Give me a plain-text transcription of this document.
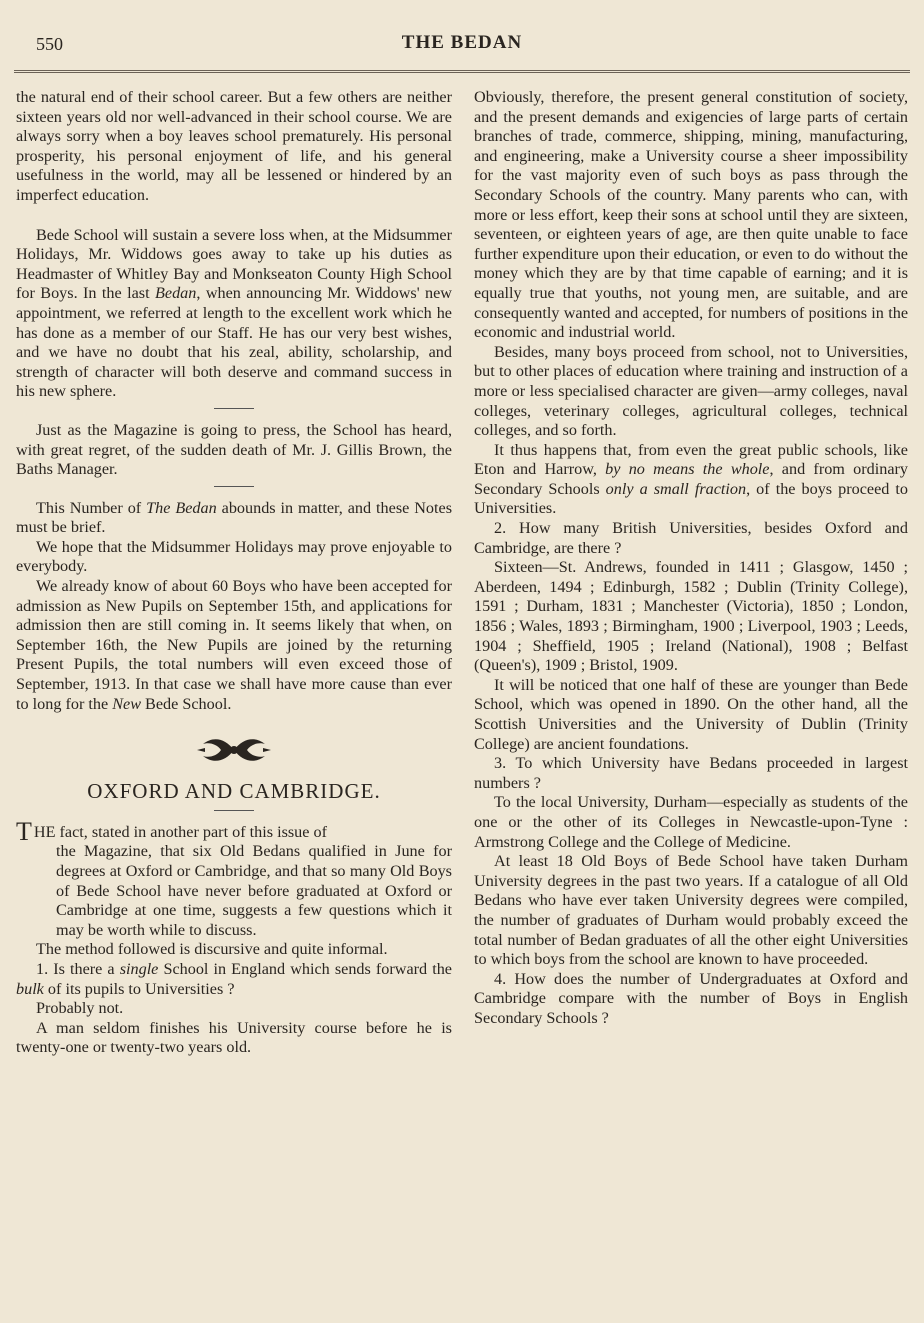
550	THE BEDAN

the natural end of their school career. But a few others are neither sixteen years old nor well-advanced in their school course. We are always sorry when a boy leaves school prematurely. His personal prosperity, his personal enjoyment of life, and his general usefulness in the world, may all be lessened or hindered by an imperfect education.

Bede School will sustain a severe loss when, at the Midsummer Holidays, Mr. Widdows goes away to take up his duties as Headmaster of Whitley Bay and Monkseaton County High School for Boys. In the last Bedan, when announcing Mr. Widdows' new appointment, we referred at length to the excellent work which he has done as a member of our Staff. He has our very best wishes, and we have no doubt that his zeal, ability, scholarship, and strength of character will both deserve and command success in his new sphere.

Just as the Magazine is going to press, the School has heard, with great regret, of the sudden death of Mr. J. Gillis Brown, the Baths Manager.

This Number of The Bedan abounds in matter, and these Notes must be brief.

We hope that the Midsummer Holidays may prove enjoyable to everybody.

We already know of about 60 Boys who have been accepted for admission as New Pupils on September 15th, and applications for admission then are still coming in. It seems likely that when, on September 16th, the New Pupils are joined by the returning Present Pupils, the total numbers will even exceed those of September, 1913. In that case we shall have more cause than ever to long for the New Bede School.

OXFORD AND CAMBRIDGE.

THE fact, stated in another part of this issue of

the Magazine, that six Old Bedans qualified in June for degrees at Oxford or Cambridge, and that so many Old Boys of Bede School have never before graduated at Oxford or Cambridge at one time, suggests a few questions which it may be worth while to discuss.

The method followed is discursive and quite informal.

1. Is there a single School in England which sends forward the bulk of its pupils to Universities ?

Probably not.

A man seldom finishes his University course before he is twenty-one or twenty-two years old.

Obviously, therefore, the present general constitution of society, and the present demands and exigencies of large parts of certain branches of trade, commerce, shipping, mining, manufacturing, and engineering, make a University course a sheer impossibility for the vast majority even of such boys as pass through the Secondary Schools of the country. Many parents who can, with more or less effort, keep their sons at school until they are sixteen, seventeen, or eighteen years of age, are then quite unable to face further expenditure upon their education, or even to do without the money which they are by that time capable of earning; and it is equally true that youths, not young men, are suitable, and are consequently wanted and accepted, for numbers of positions in the economic and industrial world.

Besides, many boys proceed from school, not to Universities, but to other places of education where training and instruction of a more or less specialised character are given—army colleges, naval colleges, veterinary colleges, agricultural colleges, technical colleges, and so forth.

It thus happens that, from even the great public schools, like Eton and Harrow, by no means the whole, and from ordinary Secondary Schools only a small fraction, of the boys proceed to Universities.

2. How many British Universities, besides Oxford and Cambridge, are there ?

Sixteen—St. Andrews, founded in 1411 ; Glasgow, 1450 ; Aberdeen, 1494 ; Edinburgh, 1582 ; Dublin (Trinity College), 1591 ; Durham, 1831 ; Manchester (Victoria), 1850 ; London, 1856 ; Wales, 1893 ; Birmingham, 1900 ; Liverpool, 1903 ; Leeds, 1904 ; Sheffield, 1905 ; Ireland (National), 1908 ; Belfast (Queen's), 1909 ; Bristol, 1909.

It will be noticed that one half of these are younger than Bede School, which was opened in 1890. On the other hand, all the Scottish Universities and the University of Dublin (Trinity College) are ancient foundations.

3. To which University have Bedans proceeded in largest numbers ?

To the local University, Durham—especially as students of the one or the other of its Colleges in Newcastle-upon-Tyne : Armstrong College and the College of Medicine.

At least 18 Old Boys of Bede School have taken Durham University degrees in the past two years. If a catalogue of all Old Bedans who have ever taken University degrees were compiled, the number of graduates of Durham would probably exceed the total number of Bedan graduates of all the other eight Universities to which boys from the school are known to have proceeded.

4. How does the number of Undergraduates at Oxford and Cambridge compare with the number of Boys in English Secondary Schools ?
